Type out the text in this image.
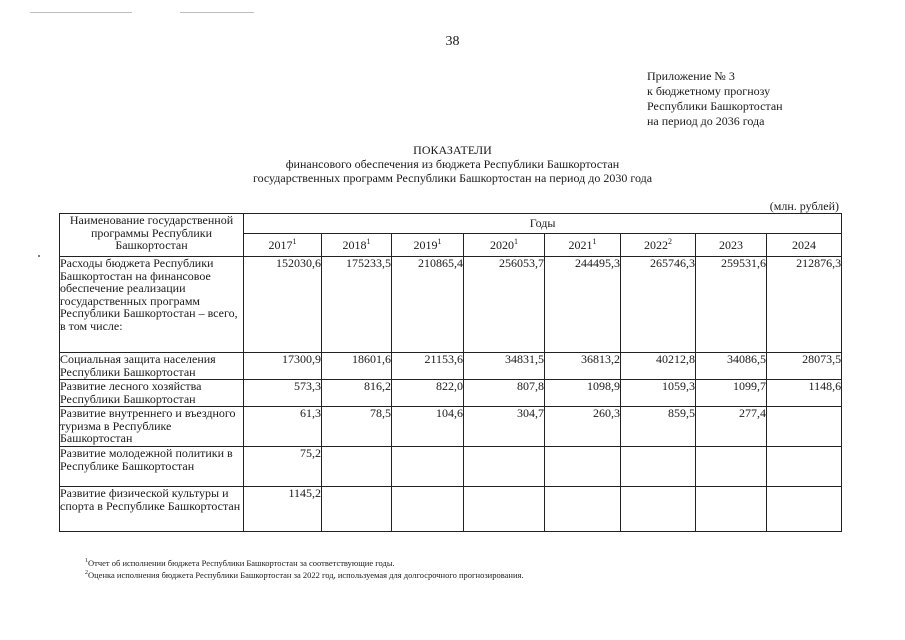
38
Приложение № 3
к бюджетному прогнозу
Республики Башкортостан
на период до 2036 года
ПОКАЗАТЕЛИ
финансового обеспечения из бюджета Республики Башкортостан
государственных программ Республики Башкортостан на период до 2030 года
(млн. рублей)
Наименование государственной программы Республики Башкортостан	Годы							
	2017$^1$	2018$^1$	2019$^1$	2020$^1$	2021$^1$	2022$^2$	2023	2024
Расходы бюджета Республики Башкортостан на финансовое обеспечение реализации государственных программ Республики Башкортостан – всего, в том числе:	152030,6	175233,5	210865,4	256053,7	244495,3	265746,3	259531,6	212876,3
Социальная защита населения Республики Башкортостан	17300,9	18601,6	21153,6	34831,5	36813,2	40212,8	34086,5	28073,5
Развитие лесного хозяйства Республики Башкортостан	573,3	816,2	822,0	807,8	1098,9	1059,3	1099,7	1148,6
Развитие внутреннего и въездного туризма в Республике Башкортостан	61,3	78,5	104,6	304,7	260,3	859,5	277,4	
Развитие молодежной политики в Республике Башкортостан	75,2							
Развитие физической культуры и спорта в Республике Башкортостан	1145,2							
$^1$Отчет об исполнении бюджета Республики Башкортостан за соответствующие годы.
$^2$Оценка исполнения бюджета Республики Башкортостан за 2022 год, используемая для долгосрочного прогнозирования.
